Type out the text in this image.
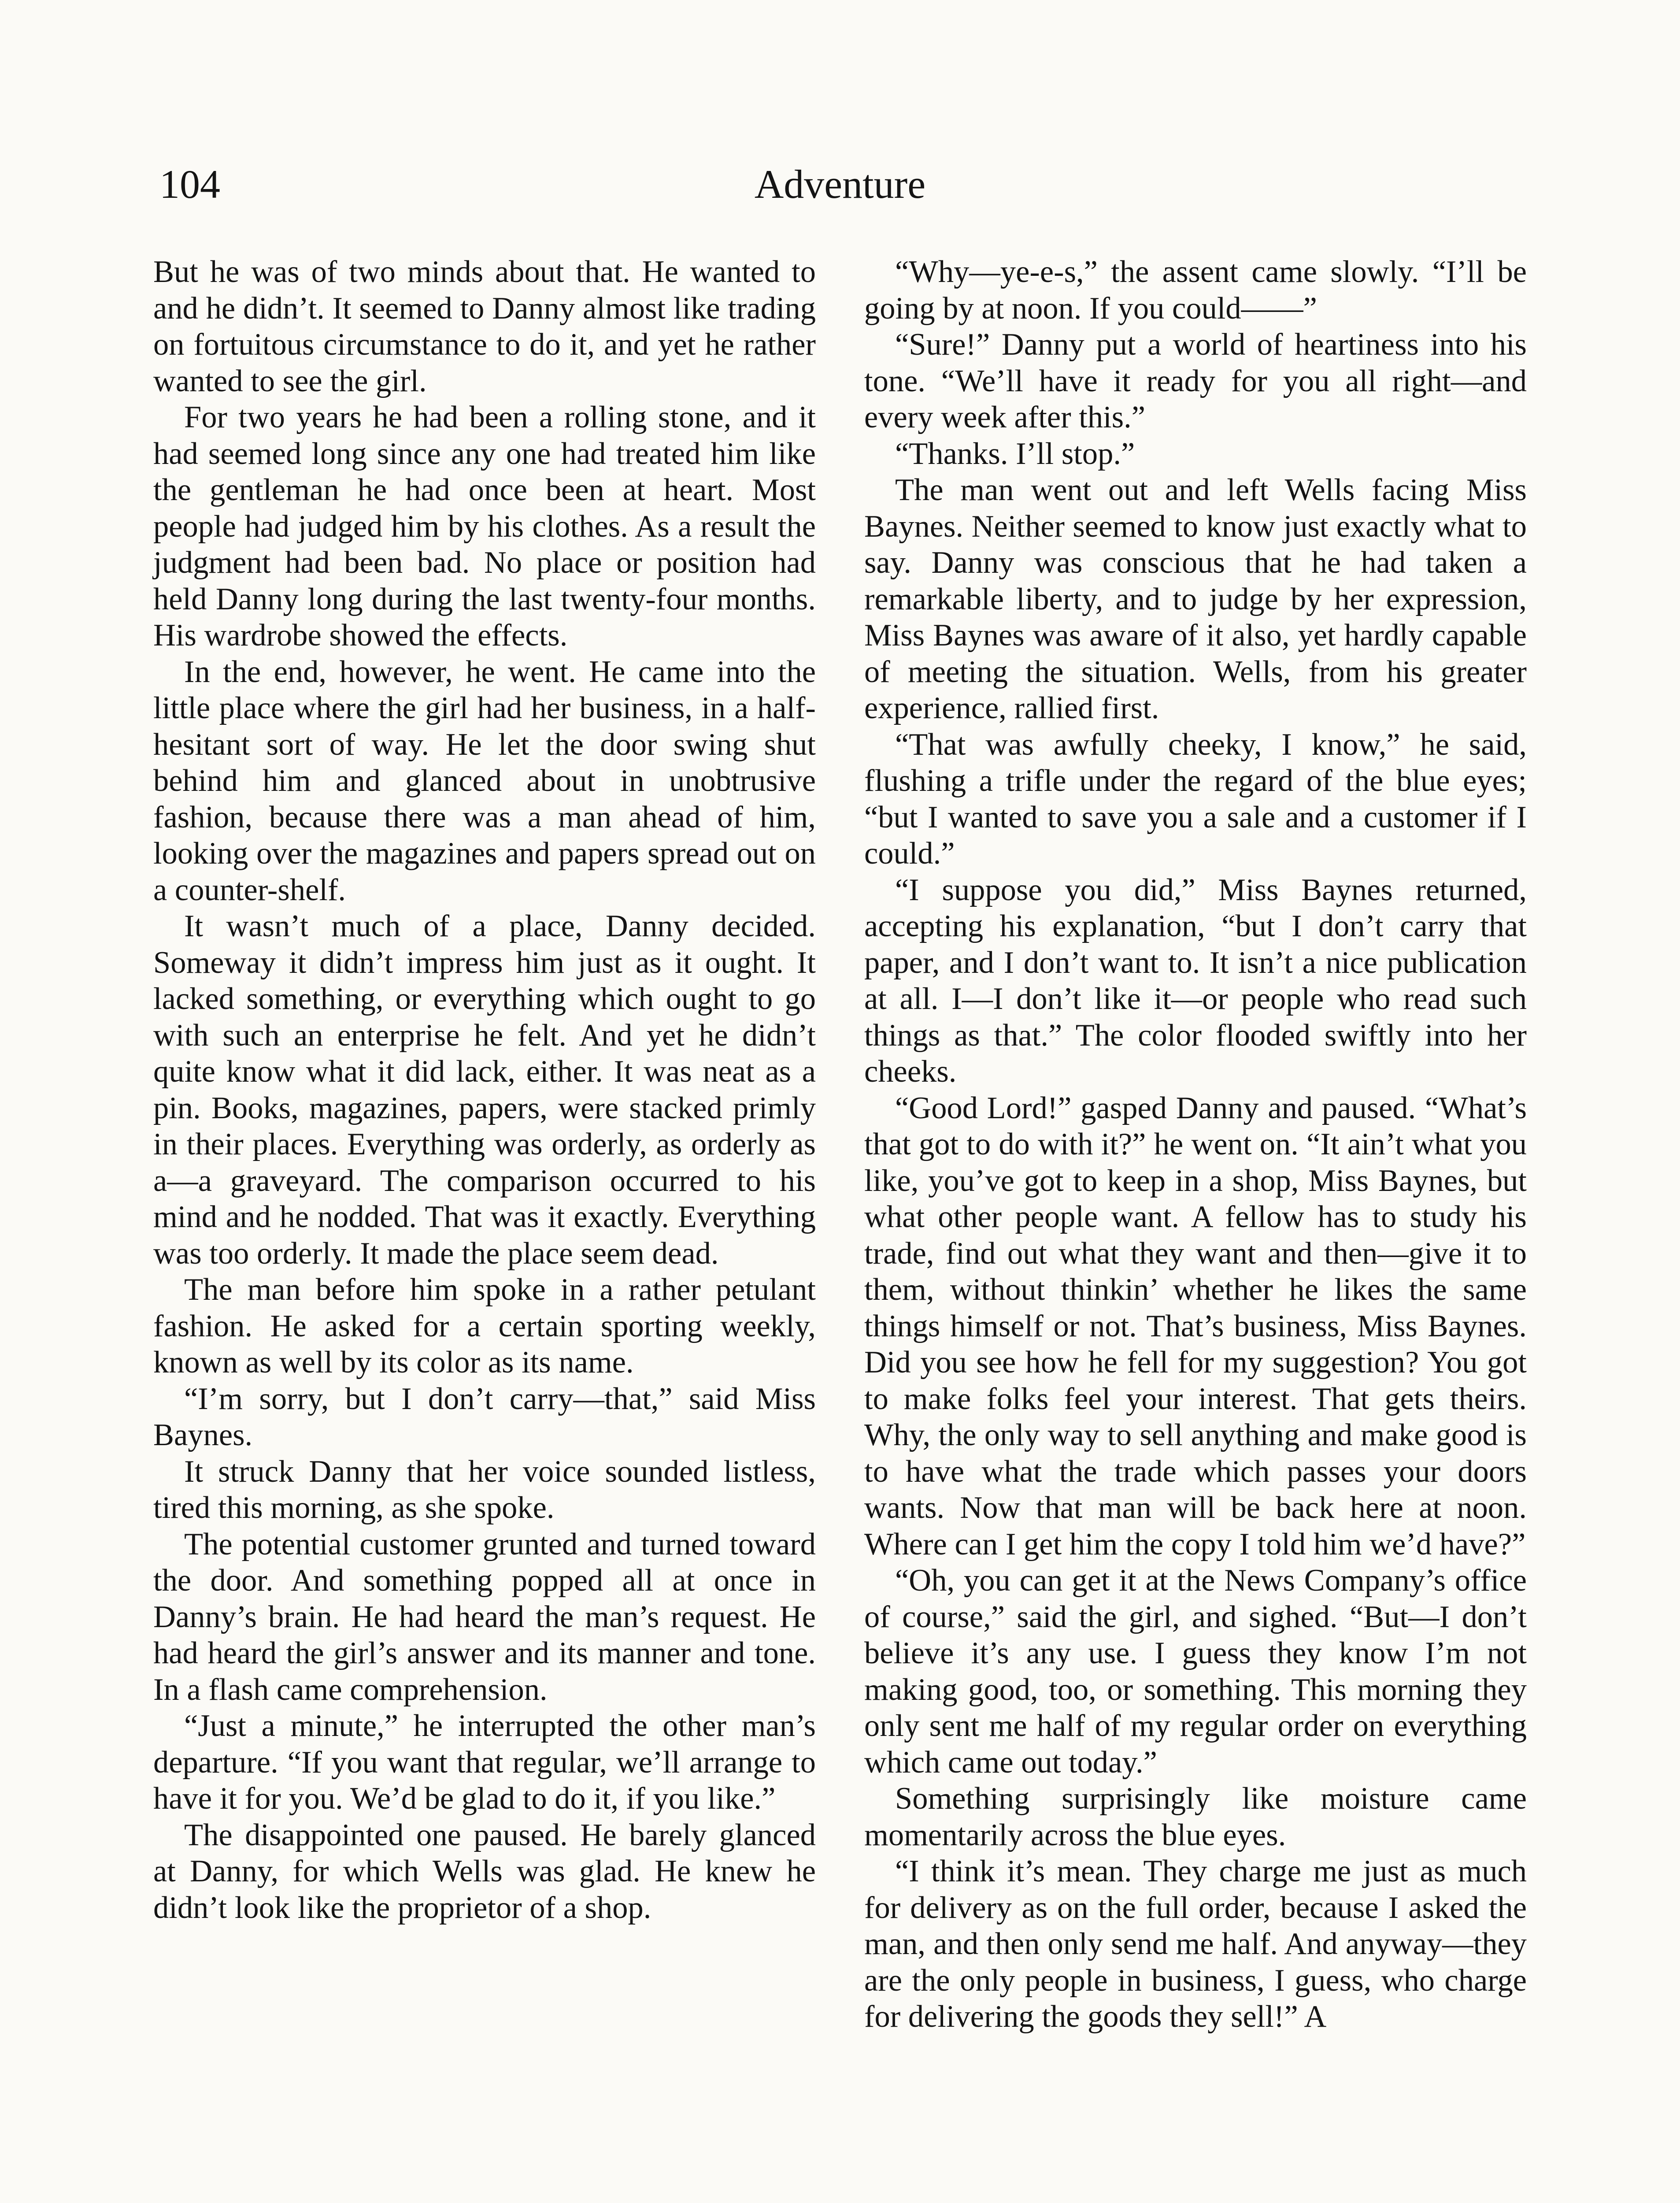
104	Adventure

But he was of two minds about that. He wanted to and he didn’t. It seemed to Danny almost like trading on fortuitous circumstance to do it, and yet he rather wanted to see the girl.

For two years he had been a rolling stone, and it had seemed long since any one had treated him like the gentleman he had once been at heart. Most people had judged him by his clothes. As a result the judgment had been bad. No place or position had held Danny long during the last twenty-four months. His wardrobe showed the effects.

In the end, however, he went. He came into the little place where the girl had her business, in a half-hesitant sort of way. He let the door swing shut behind him and glanced about in unobtrusive fashion, because there was a man ahead of him, looking over the magazines and papers spread out on a counter-shelf.

It wasn’t much of a place, Danny decided. Someway it didn’t impress him just as it ought. It lacked something, or everything which ought to go with such an enterprise he felt. And yet he didn’t quite know what it did lack, either. It was neat as a pin. Books, magazines, papers, were stacked primly in their places. Everything was orderly, as orderly as a—a graveyard. The comparison occurred to his mind and he nodded. That was it exactly. Everything was too orderly. It made the place seem dead.

The man before him spoke in a rather petulant fashion. He asked for a certain sporting weekly, known as well by its color as its name.

“I’m sorry, but I don’t carry—that,” said Miss Baynes.

It struck Danny that her voice sounded listless, tired this morning, as she spoke.

The potential customer grunted and turned toward the door. And something popped all at once in Danny’s brain. He had heard the man’s request. He had heard the girl’s answer and its manner and tone. In a flash came comprehension.

“Just a minute,” he interrupted the other man’s departure. “If you want that regular, we’ll arrange to have it for you. We’d be glad to do it, if you like.”

The disappointed one paused. He barely glanced at Danny, for which Wells was glad. He knew he didn’t look like the proprietor of a shop.

“Why—ye-e-s,” the assent came slowly. “I’ll be going by at noon. If you could——”

“Sure!” Danny put a world of heartiness into his tone. “We’ll have it ready for you all right—and every week after this.”

“Thanks. I’ll stop.”

The man went out and left Wells facing Miss Baynes. Neither seemed to know just exactly what to say. Danny was conscious that he had taken a remarkable liberty, and to judge by her expression, Miss Baynes was aware of it also, yet hardly capable of meeting the situation. Wells, from his greater experience, rallied first.

“That was awfully cheeky, I know,” he said, flushing a trifle under the regard of the blue eyes; “but I wanted to save you a sale and a customer if I could.”

“I suppose you did,” Miss Baynes returned, accepting his explanation, “but I don’t carry that paper, and I don’t want to. It isn’t a nice publication at all. I—I don’t like it—or people who read such things as that.” The color flooded swiftly into her cheeks.

“Good Lord!” gasped Danny and paused. “What’s that got to do with it?” he went on. “It ain’t what you like, you’ve got to keep in a shop, Miss Baynes, but what other people want. A fellow has to study his trade, find out what they want and then—give it to them, without thinkin’ whether he likes the same things himself or not. That’s business, Miss Baynes. Did you see how he fell for my suggestion? You got to make folks feel your interest. That gets theirs. Why, the only way to sell anything and make good is to have what the trade which passes your doors wants. Now that man will be back here at noon. Where can I get him the copy I told him we’d have?”

“Oh, you can get it at the News Company’s office of course,” said the girl, and sighed. “But—I don’t believe it’s any use. I guess they know I’m not making good, too, or something. This morning they only sent me half of my regular order on everything which came out today.”

Something surprisingly like moisture came momentarily across the blue eyes.

“I think it’s mean. They charge me just as much for delivery as on the full order, because I asked the man, and then only send me half. And anyway—they are the only people in business, I guess, who charge for delivering the goods they sell!” A
